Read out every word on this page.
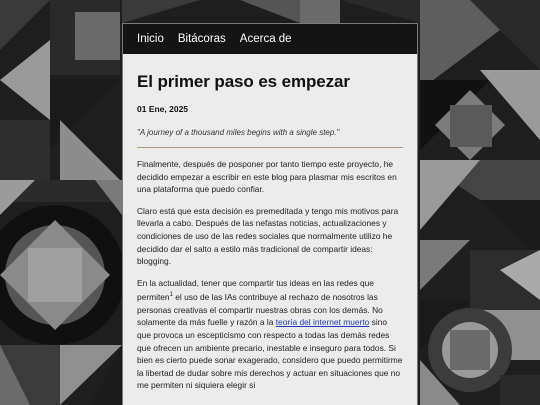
Inicio Bitácoras Acerca de
El primer paso es empezar
01 Ene, 2025
"A journey of a thousand miles begins with a single step."

Finalmente, después de posponer por tanto tiempo este proyecto, he decidido empezar a escribir en este blog para plasmar mis escritos en una plataforma que puedo confiar.

Claro está que esta decisión es premeditada y tengo mis motivos para llevarla a cabo. Después de las nefastas noticias, actualizaciones y condiciones de uso de las redes sociales que normalmente utilizo he decidido dar el salto a estilo más tradicional de compartir ideas: blogging.

En la actualidad, tener que compartir tus ideas en las redes que permiten$^1$ el uso de las IAs contribuye al rechazo de nosotros las personas creativas el compartir nuestras obras con los demás. No solamente da más fuelle y razón a la teoría del internet muerto sino que provoca un escepticismo con respecto a todas las demás redes que ofrecen un ambiente precario, inestable e inseguro para todos. Si bien es cierto puede sonar exagerado, considero que puedo permitirme la libertad de dudar sobre mis derechos y actuar en situaciones que no me permiten ni siquiera elegir si
